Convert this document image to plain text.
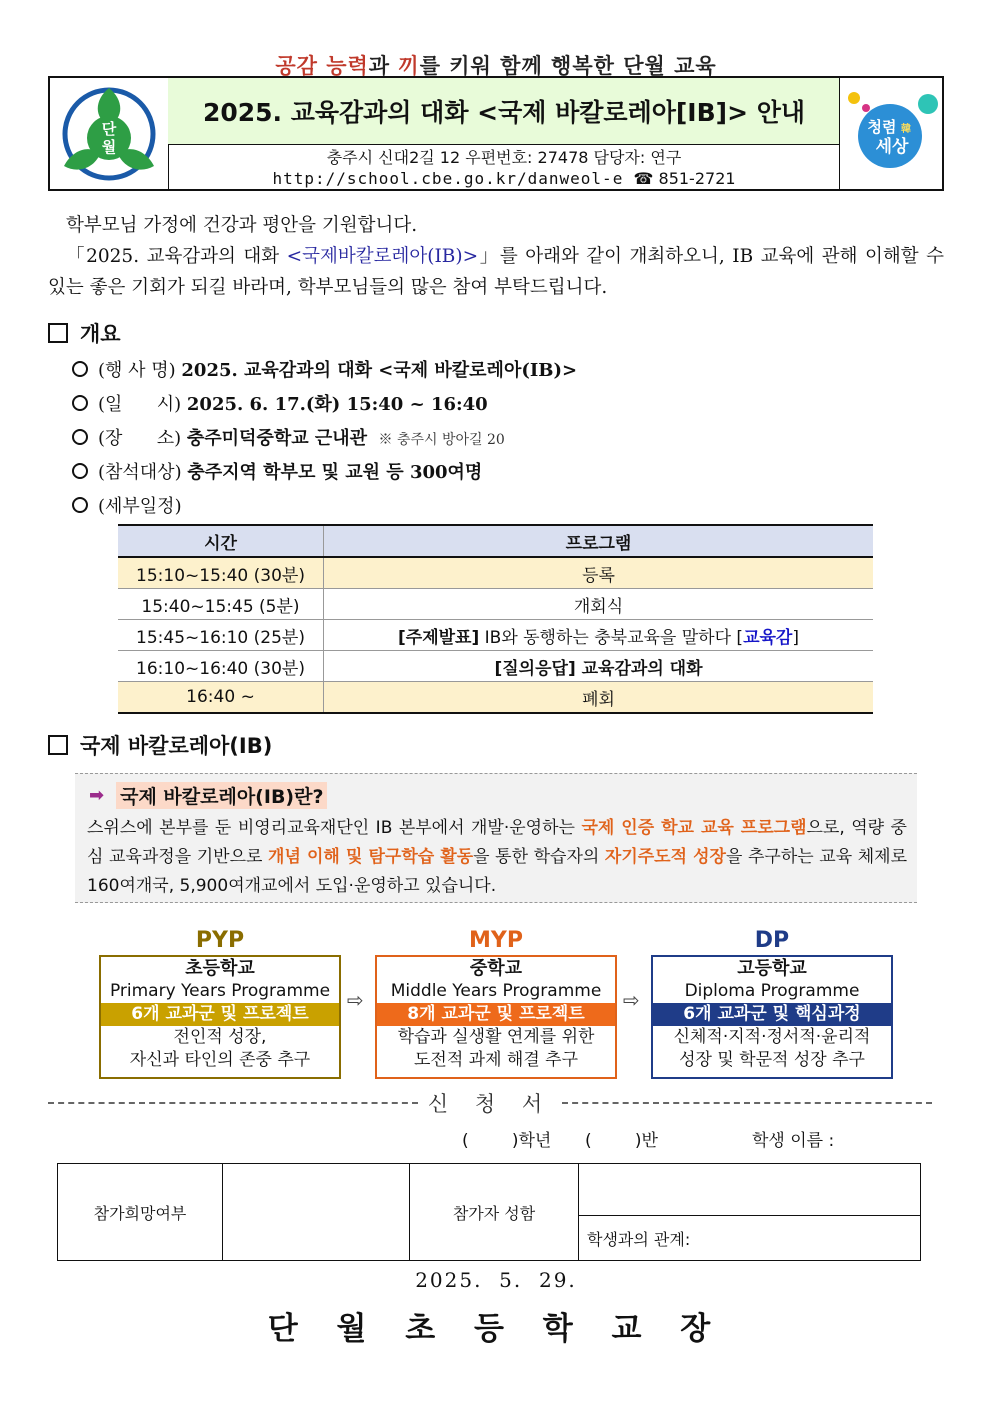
공감 능력과 끼를 키워 함께 행복한 단월 교육
단
월
2025. 교육감과의 대화 <국제 바칼로레아[IB]> 안내
충주시 신대2길 12 우편번호: 27478 담당자: 연구
http://school.cbe.go.kr/danweol-e ☎ 851-2721
청렴 韓
세상
학부모님 가정에 건강과 평안을 기원합니다.
「2025. 교육감과의 대화 <국제바칼로레아(IB)>」를 아래와 같이 개최하오니, IB 교육에 관해 이해할 수 있는 좋은 기회가 되길 바라며, 학부모님들의 많은 참여 부탁드립니다.
개요
(행 사 명) 2025. 교육감과의 대화 <국제 바칼로레아(IB)>
(일      시) 2025. 6. 17.(화) 15:40 ~ 16:40
(장      소) 충주미덕중학교 근내관 ※ 충주시 방아길 20
(참석대상) 충주지역 학부모 및 교원 등 300여명
(세부일정)
시간	프로그램
15:10~15:40 (30분)	등록
15:40~15:45 (5분)	개회식
15:45~16:10 (25분)	[주제발표] IB와 동행하는 충북교육을 말하다 [교육감]
16:10~16:40 (30분)	[질의응답] 교육감과의 대화
16:40 ~	폐회
국제 바칼로레아(IB)
➡ 국제 바칼로레아(IB)란?
스위스에 본부를 둔 비영리교육재단인 IB 본부에서 개발·운영하는 국제 인증 학교 교육 프로그램으로, 역량 중심 교육과정을 기반으로 개념 이해 및 탐구학습 활동을 통한 학습자의 자기주도적 성장을 추구하는 교육 체제로 160여개국, 5,900여개교에서 도입·운영하고 있습니다.
PYP	MYP	DP
초등학교
Primary Years Programme
6개 교과군 및 프로젝트
전인적 성장,
자신과 타인의 존중 추구
⇨
중학교
Middle Years Programme
8개 교과군 및 프로젝트
학습과 실생활 연계를 위한
도전적 과제 해결 추구
⇨
고등학교
Diploma Programme
6개 교과군 및 핵심과정
신체적·지적·정서적·윤리적
성장 및 학문적 성장 추구
신 청 서
(        )학년 (        )반	학생 이름 :
참가희망여부		참가자 성함	
학생과의 관계:
2025.  5.  29.
단 월 초 등 학 교 장
